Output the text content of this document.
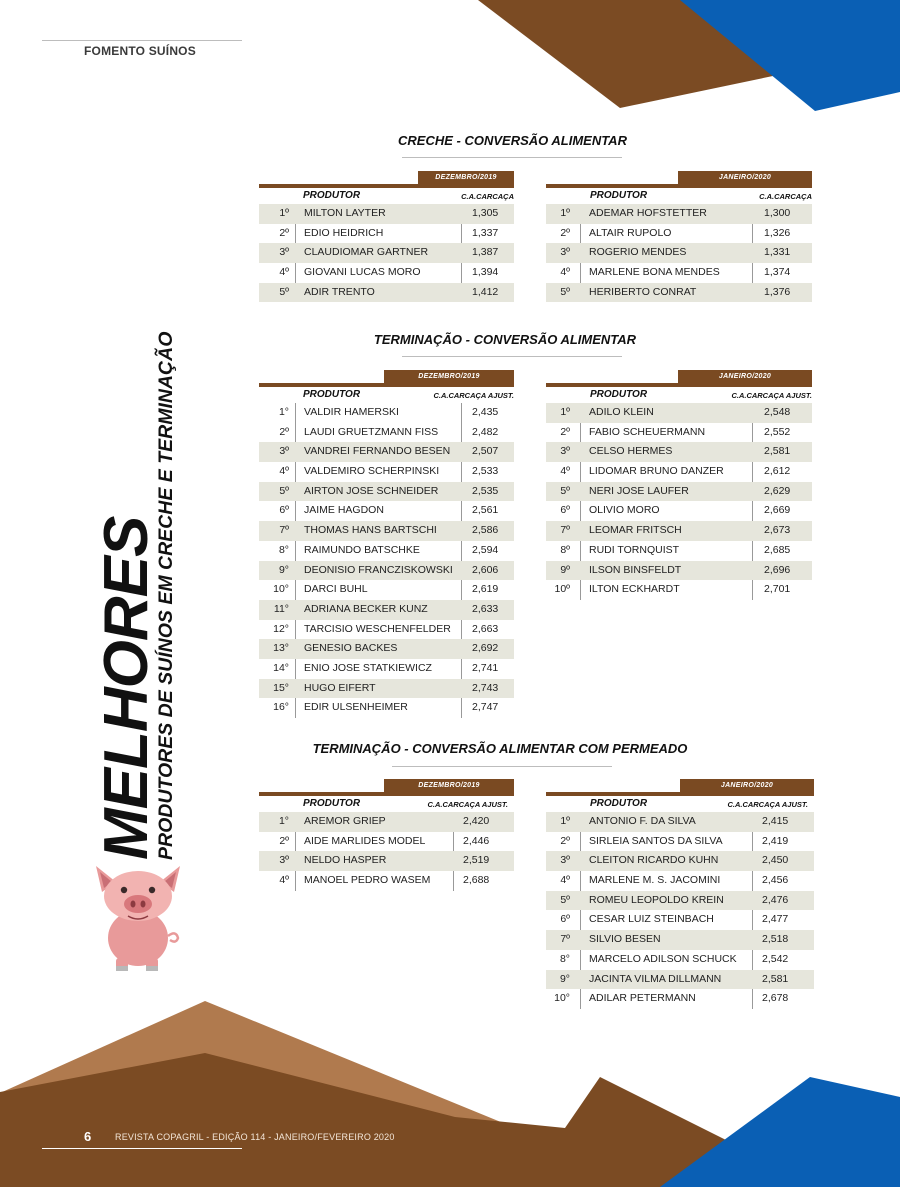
FOMENTO SUÍNOS
MELHORES
PRODUTORES DE SUÍNOS EM CRECHE E TERMINAÇÃO
CRECHE - CONVERSÃO ALIMENTAR
DEZEMBRO/2019
PRODUTOR	C.A.CARCAÇA
1º MILTON LAYTER	1,305
2º EDIO HEIDRICH	1,337
3º CLAUDIOMAR GARTNER	1,387
4º GIOVANI LUCAS MORO	1,394
5º ADIR TRENTO	1,412
JANEIRO/2020
PRODUTOR	C.A.CARCAÇA
1º ADEMAR HOFSTETTER	1,300
2º ALTAIR RUPOLO	1,326
3º ROGERIO MENDES	1,331
4º MARLENE BONA MENDES	1,374
5º HERIBERTO CONRAT	1,376
TERMINAÇÃO - CONVERSÃO ALIMENTAR
DEZEMBRO/2019
PRODUTOR	C.A.CARCAÇA AJUST.
1° VALDIR HAMERSKI	2,435
2º LAUDI GRUETZMANN FISS	2,482
3º VANDREI FERNANDO BESEN 2,507
4º VALDEMIRO SCHERPINSKI	2,533
5º AIRTON JOSE SCHNEIDER	2,535
6º JAIME HAGDON	2,561
7º THOMAS HANS BARTSCHI	2,586
8° RAIMUNDO BATSCHKE	2,594
9° DEONISIO FRANCZISKOWSKI 2,606
10° DARCI BUHL	2,619
11° ADRIANA BECKER KUNZ	2,633
12° TARCISIO WESCHENFELDER 2,663
13° GENESIO BACKES	2,692
14° ENIO JOSE STATKIEWICZ	2,741
15° HUGO EIFERT	2,743
16° EDIR ULSENHEIMER	2,747
JANEIRO/2020
PRODUTOR	C.A.CARCAÇA AJUST.
1º ADILO KLEIN	2,548
2º FABIO SCHEUERMANN	2,552
3º CELSO HERMES	2,581
4º LIDOMAR BRUNO DANZER	2,612
5º NERI JOSE LAUFER	2,629
6º OLIVIO MORO	2,669
7º LEOMAR FRITSCH	2,673
8º RUDI TORNQUIST	2,685
9º ILSON BINSFELDT	2,696
10º ILTON ECKHARDT	2,701
TERMINAÇÃO - CONVERSÃO ALIMENTAR COM PERMEADO
DEZEMBRO/2019
PRODUTOR	C.A.CARCAÇA AJUST.
1° AREMOR GRIEP	2,420
2º AIDE MARLIDES MODEL	2,446
3º NELDO HASPER	2,519
4º MANOEL PEDRO WASEM	2,688
JANEIRO/2020
PRODUTOR	C.A.CARCAÇA AJUST.
1º ANTONIO F. DA SILVA	2,415
2º SIRLEIA SANTOS DA SILVA	2,419
3º CLEITON RICARDO KUHN	2,450
4º MARLENE M. S. JACOMINI	2,456
5º ROMEU LEOPOLDO KREIN	2,476
6º CESAR LUIZ STEINBACH	2,477
7º SILVIO BESEN	2,518
8° MARCELO ADILSON SCHUCK 2,542
9° JACINTA VILMA DILLMANN	2,581
10° ADILAR PETERMANN	2,678
6	REVISTA COPAGRIL - EDIÇÃO 114 - JANEIRO/FEVEREIRO 2020
